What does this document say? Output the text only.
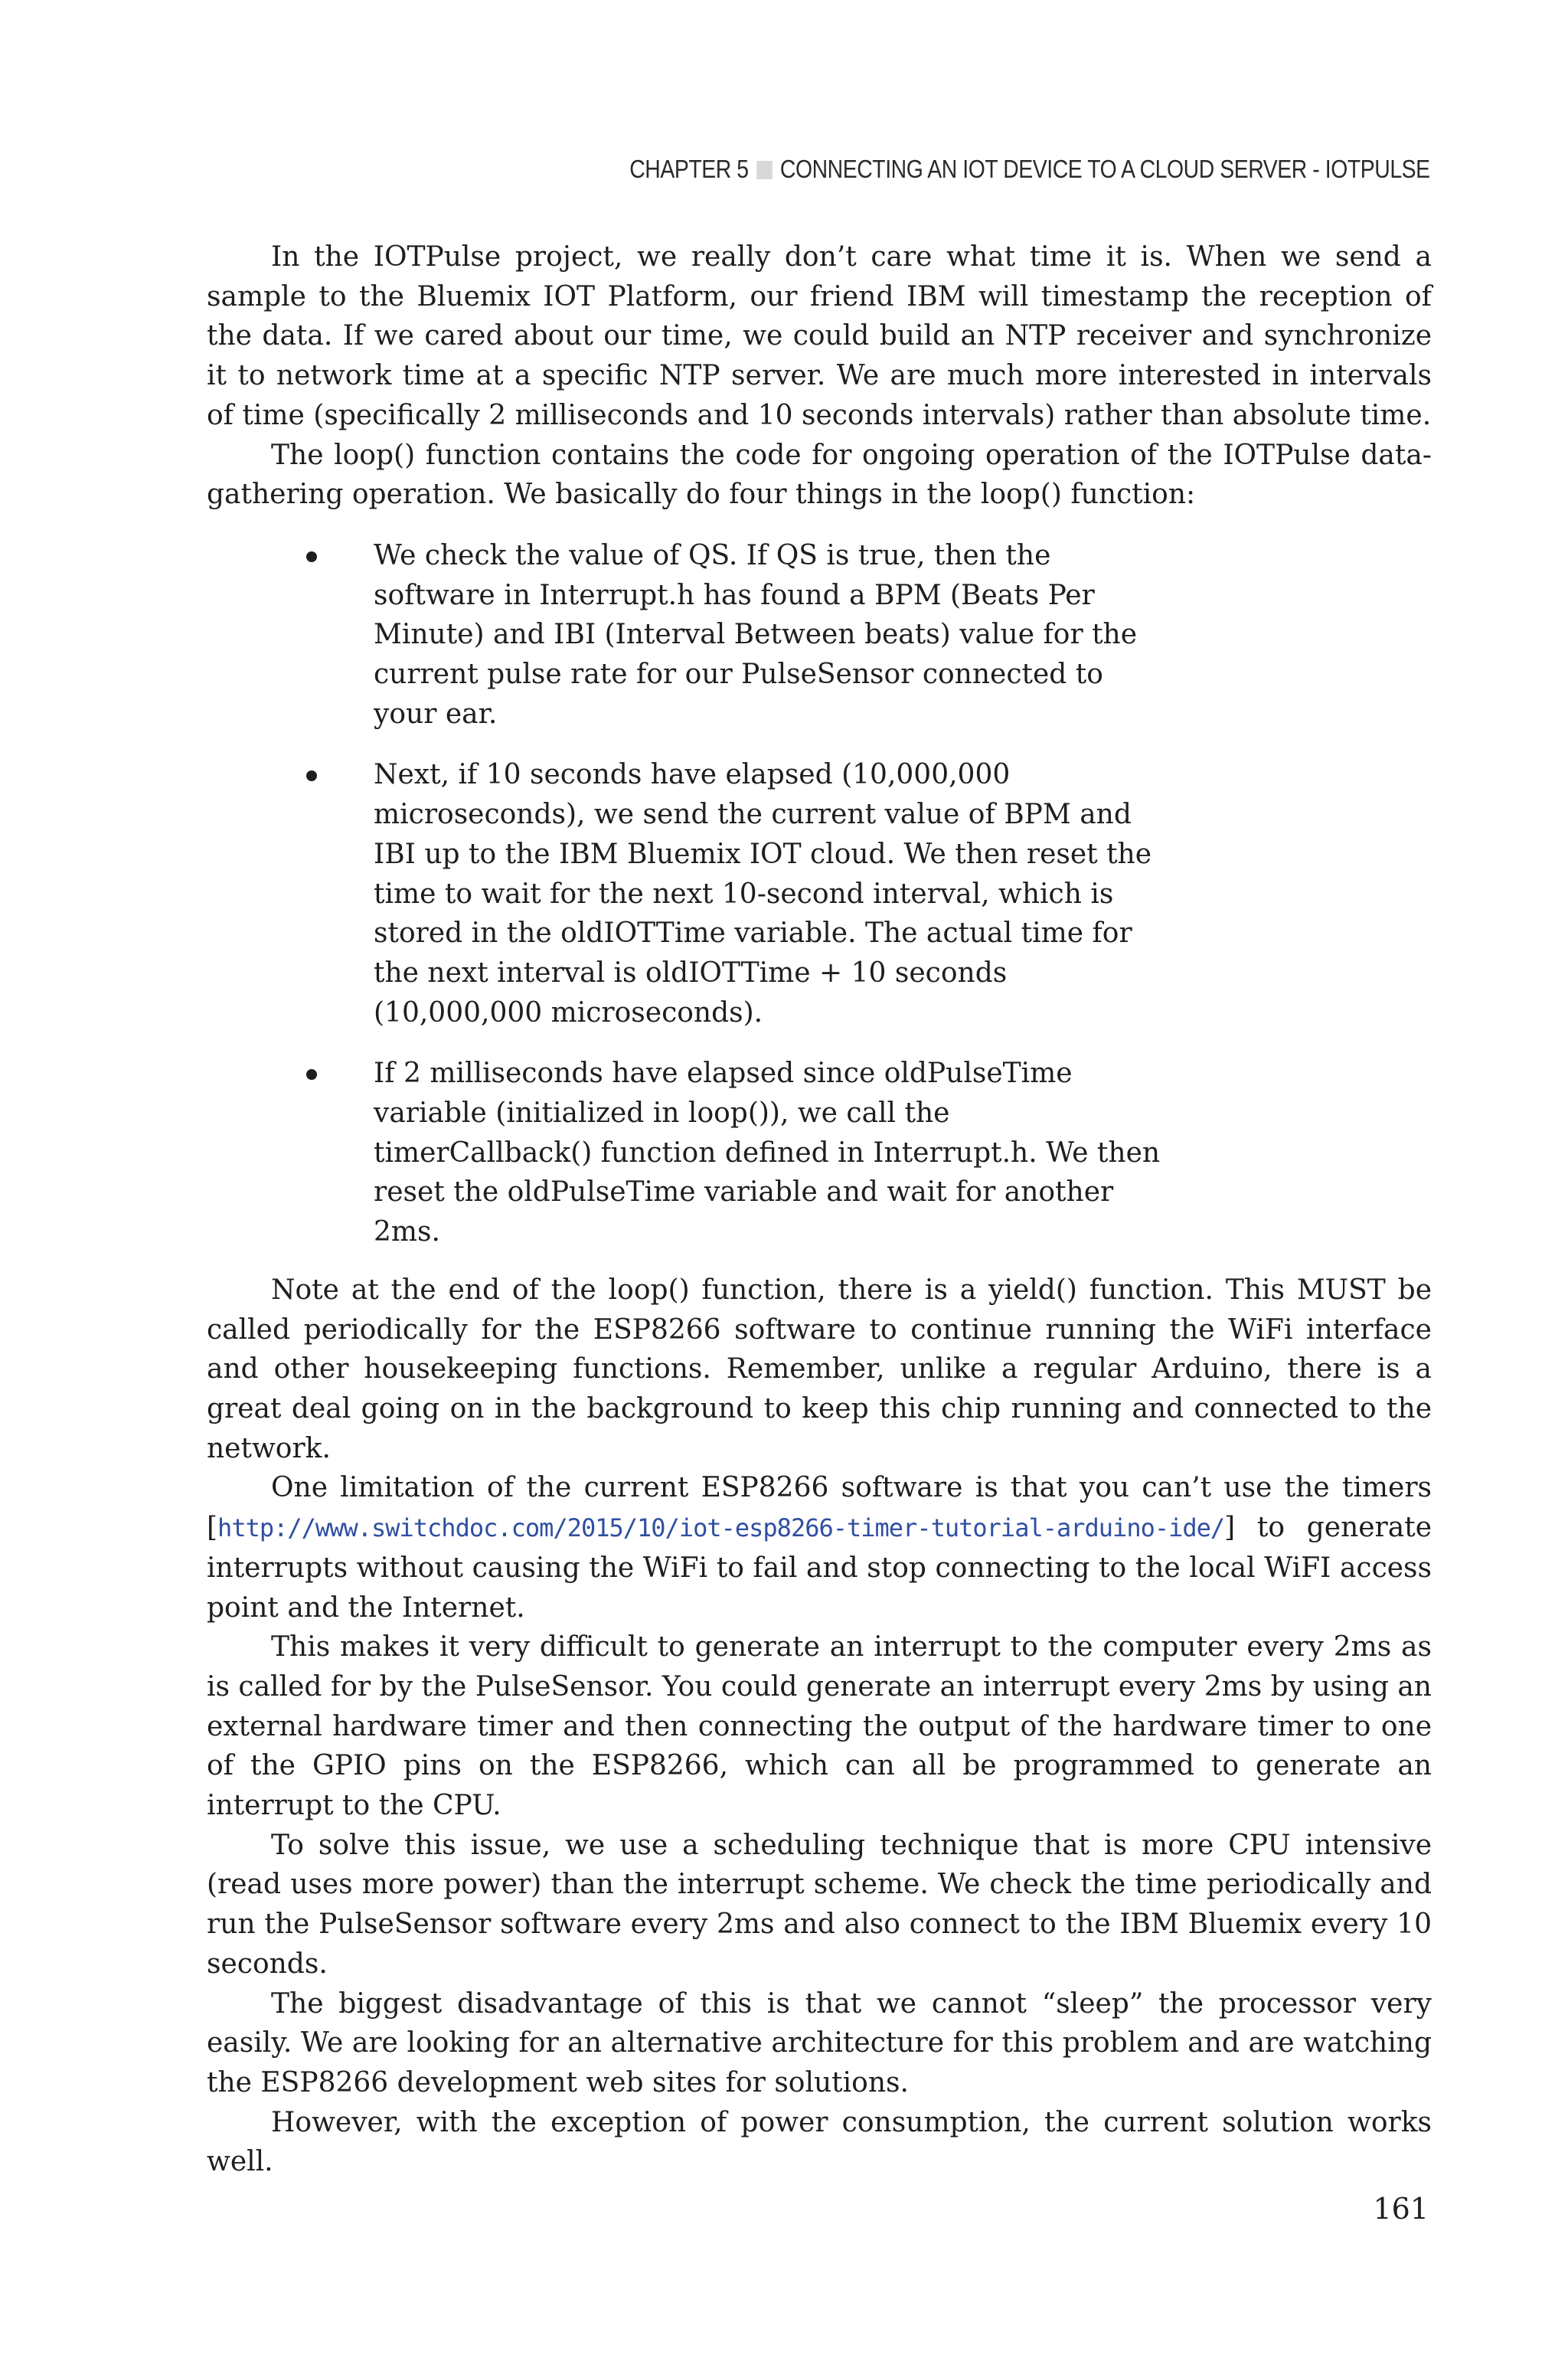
CHAPTER 5 CONNECTING AN IOT DEVICE TO A CLOUD SERVER - IOTPULSE

In the IOTPulse project, we really don’t care what time it is. When we send a sample to the Bluemix IOT Platform, our friend IBM will timestamp the reception of the data. If we cared about our time, we could build an NTP receiver and synchronize it to network time at a specific NTP server. We are much more interested in intervals of time (specifically 2 milliseconds and 10 seconds intervals) rather than absolute time.

The loop() function contains the code for ongoing operation of the IOTPulse data-gathering operation. We basically do four things in the loop() function:

We check the value of QS. If QS is true, then the software in Interrupt.h has found a BPM (Beats Per Minute) and IBI (Interval Between beats) value for the current pulse rate for our PulseSensor connected to your ear.
Next, if 10 seconds have elapsed (10,000,000 microseconds), we send the current value of BPM and IBI up to the IBM Bluemix IOT cloud. We then reset the time to wait for the next 10-second interval, which is stored in the oldIOTTime variable. The actual time for the next interval is oldIOTTime + 10 seconds (10,000,000 microseconds).
If 2 milliseconds have elapsed since oldPulseTime variable (initialized in loop()), we call the timerCallback() function defined in Interrupt.h. We then reset the oldPulseTime variable and wait for another 2ms.

Note at the end of the loop() function, there is a yield() function. This MUST be called periodically for the ESP8266 software to continue running the WiFi interface and other housekeeping functions. Remember, unlike a regular Arduino, there is a great deal going on in the background to keep this chip running and connected to the network.

One limitation of the current ESP8266 software is that you can’t use the timers [http://www.switchdoc.com/2015/10/iot-esp8266-timer-tutorial-arduino-ide/] to generate interrupts without causing the WiFi to fail and stop connecting to the local WiFI access point and the Internet.

This makes it very difficult to generate an interrupt to the computer every 2ms as is called for by the PulseSensor. You could generate an interrupt every 2ms by using an external hardware timer and then connecting the output of the hardware timer to one of the GPIO pins on the ESP8266, which can all be programmed to generate an interrupt to the CPU.

To solve this issue, we use a scheduling technique that is more CPU intensive (read uses more power) than the interrupt scheme. We check the time periodically and run the PulseSensor software every 2ms and also connect to the IBM Bluemix every 10 seconds.

The biggest disadvantage of this is that we cannot “sleep” the processor very easily. We are looking for an alternative architecture for this problem and are watching the ESP8266 development web sites for solutions.

However, with the exception of power consumption, the current solution works well.

161
